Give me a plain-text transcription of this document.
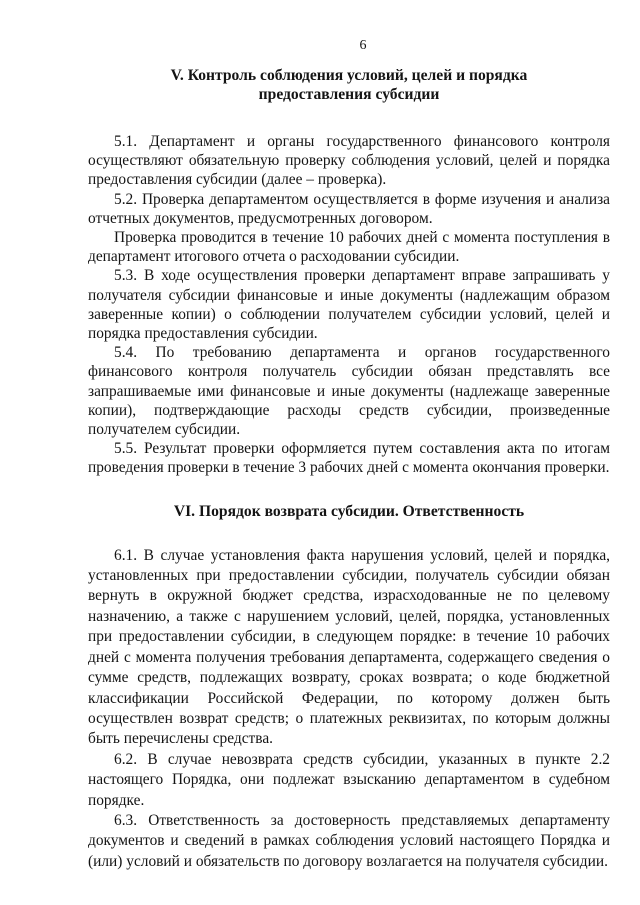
6
V. Контроль соблюдения условий, целей и порядка
предоставления субсидии

5.1. Департамент и органы государственного финансового контроля осуществляют обязательную проверку соблюдения условий, целей и порядка предоставления субсидии (далее – проверка).

5.2. Проверка департаментом осуществляется в форме изучения и анализа отчетных документов, предусмотренных договором.

Проверка проводится в течение 10 рабочих дней с момента поступления в департамент итогового отчета о расходовании субсидии.

5.3. В ходе осуществления проверки департамент вправе запрашивать у получателя субсидии финансовые и иные документы (надлежащим образом заверенные копии) о соблюдении получателем субсидии условий, целей и порядка предоставления субсидии.

5.4. По требованию департамента и органов государственного финансового контроля получатель субсидии обязан представлять все запрашиваемые ими финансовые и иные документы (надлежаще заверенные копии), подтверждающие расходы средств субсидии, произведенные получателем субсидии.

5.5. Результат проверки оформляется путем составления акта по итогам проведения проверки в течение 3 рабочих дней с момента окончания проверки.

VI. Порядок возврата субсидии. Ответственность

6.1. В случае установления факта нарушения условий, целей и порядка, установленных при предоставлении субсидии, получатель субсидии обязан вернуть в окружной бюджет средства, израсходованные не по целевому назначению, а также с нарушением условий, целей, порядка, установленных при предоставлении субсидии, в следующем порядке: в течение 10 рабочих дней с момента получения требования департамента, содержащего сведения о сумме средств, подлежащих возврату, сроках возврата; о коде бюджетной классификации Российской Федерации, по которому должен быть осуществлен возврат средств; о платежных реквизитах, по которым должны быть перечислены средства.

6.2. В случае невозврата средств субсидии, указанных в пункте 2.2 настоящего Порядка, они подлежат взысканию департаментом в судебном порядке.

6.3. Ответственность за достоверность представляемых департаменту документов и сведений в рамках соблюдения условий настоящего Порядка и (или) условий и обязательств по договору возлагается на получателя субсидии.
